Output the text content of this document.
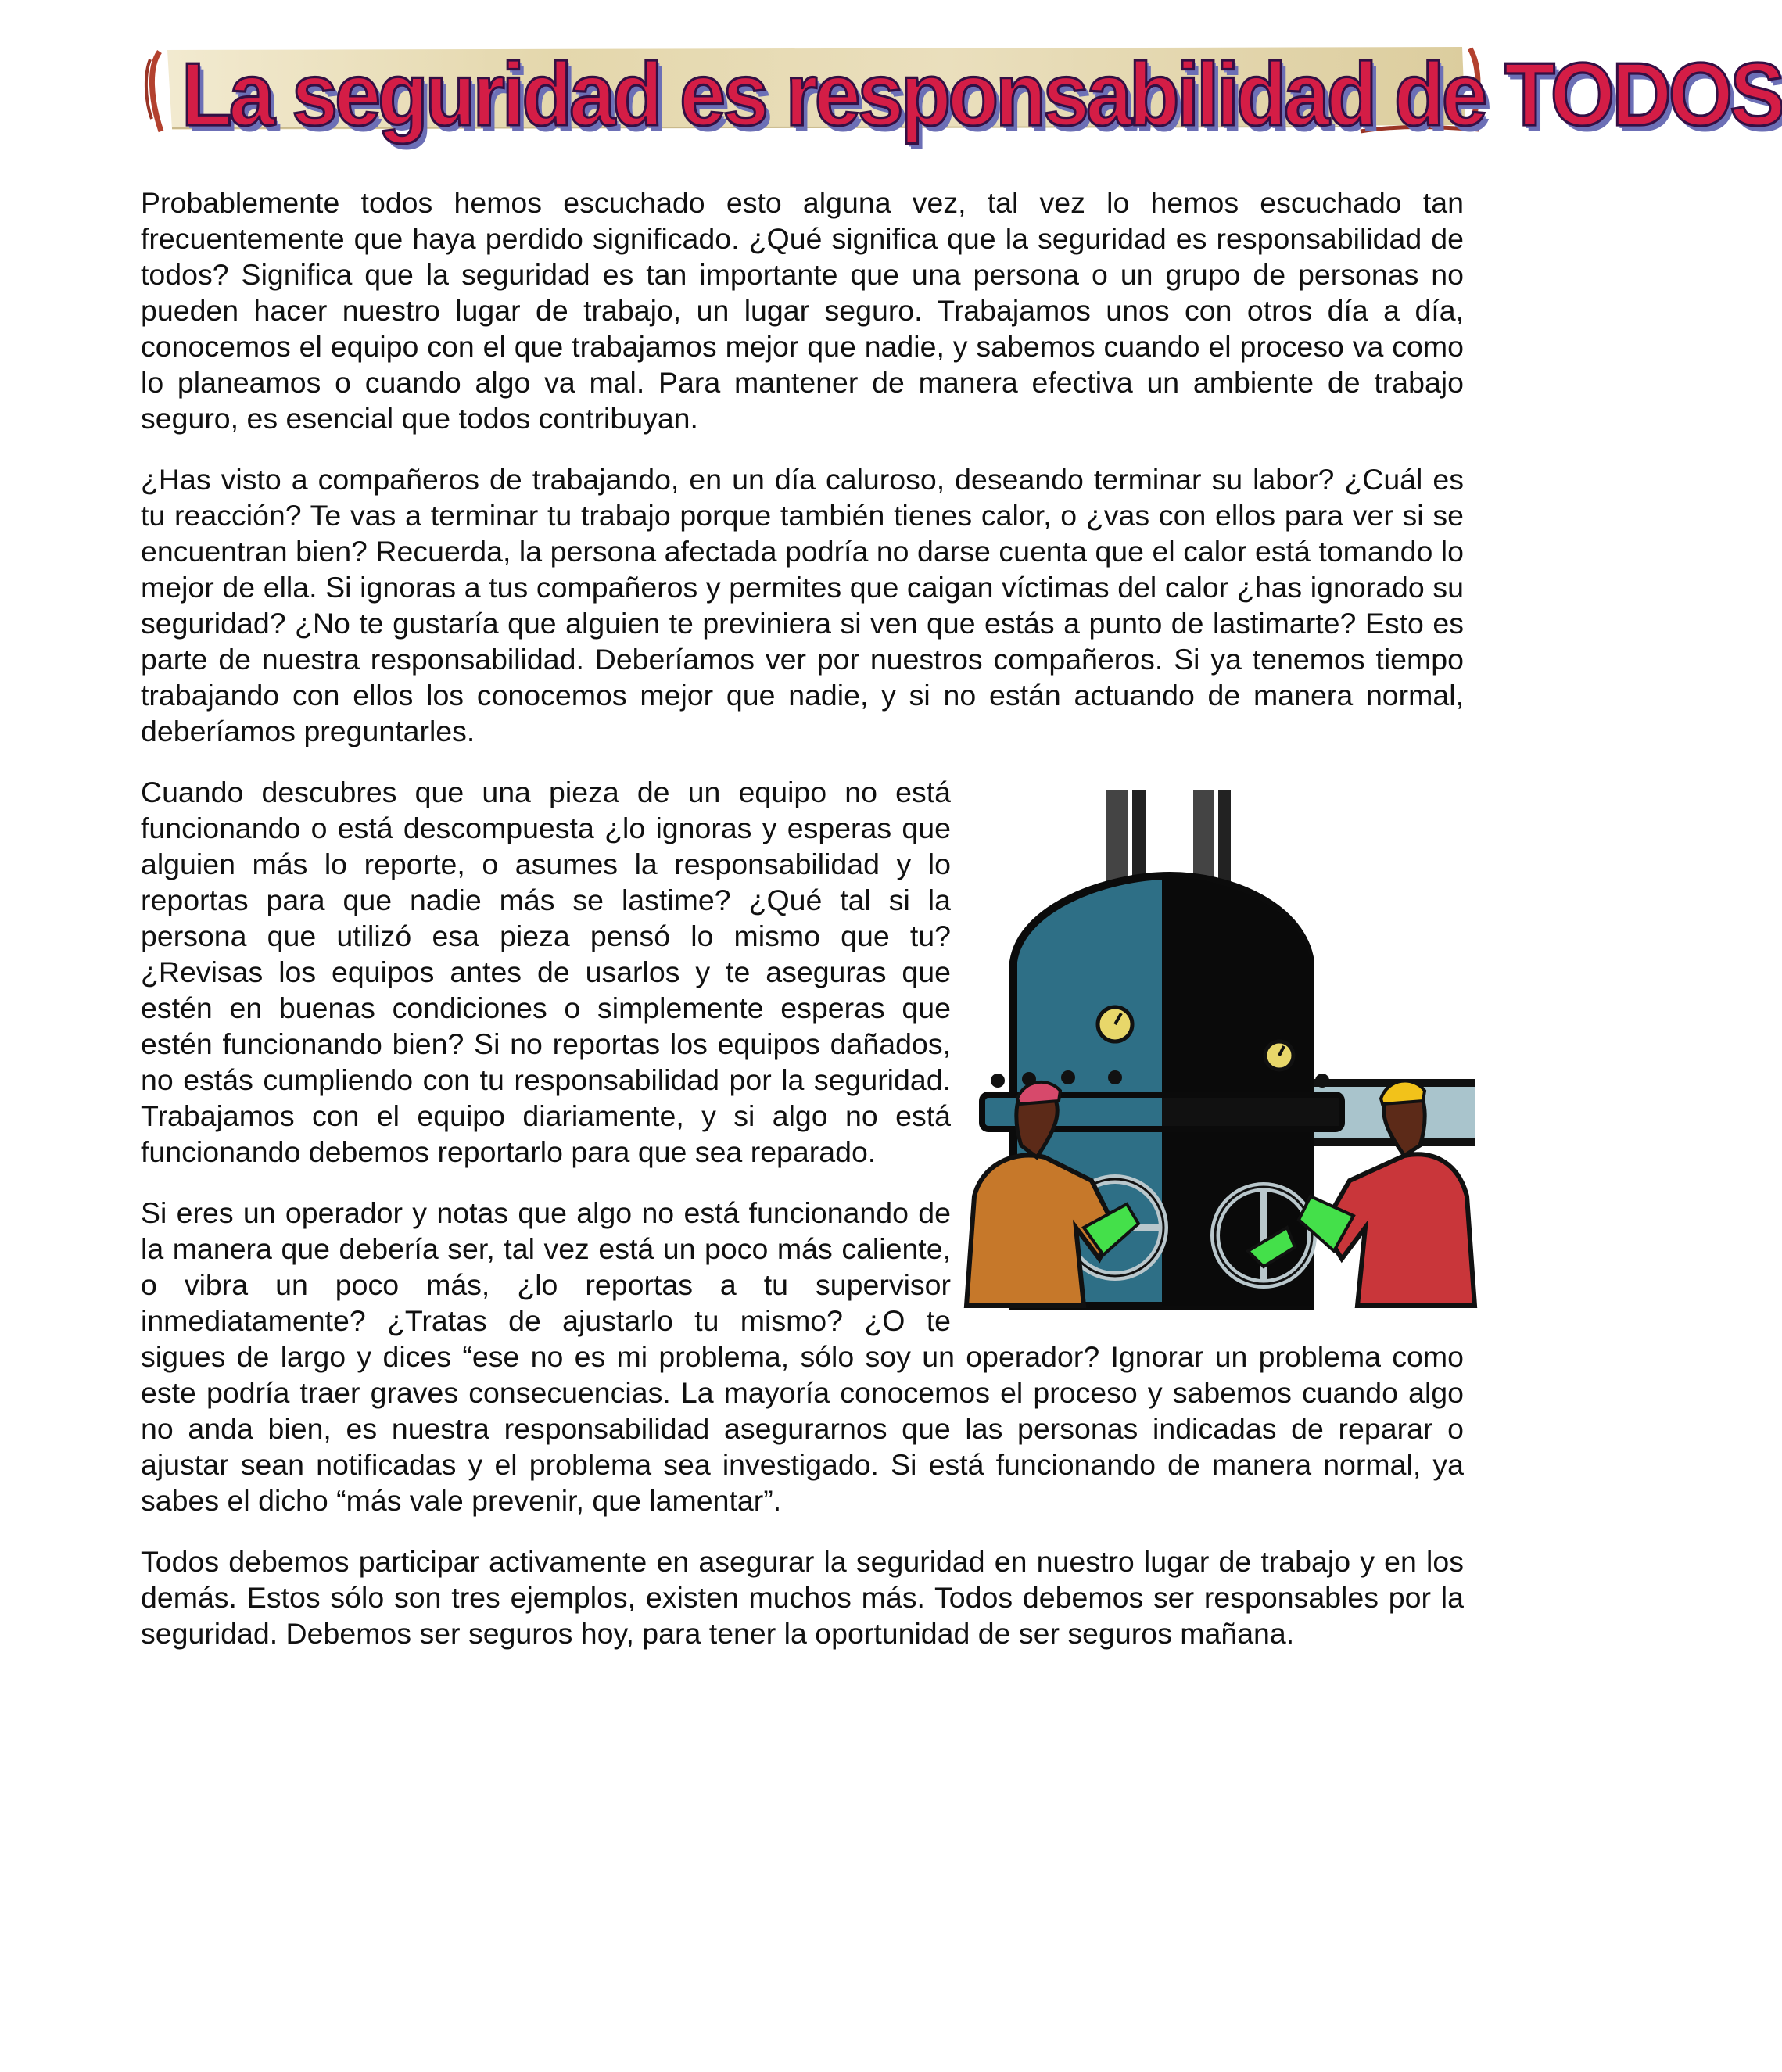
La seguridad es responsabilidad de TODOS

Probablemente todos hemos escuchado esto alguna vez, tal vez lo hemos escuchado tan frecuentemente que haya perdido significado. ¿Qué significa que la seguridad es responsabilidad de todos? Significa que la seguridad es tan importante que una persona o un grupo de personas no pueden hacer nuestro lugar de trabajo, un lugar seguro. Trabajamos unos con otros día a día, conocemos el equipo con el que trabajamos mejor que nadie, y sabemos cuando el proceso va como lo planeamos o cuando algo va mal. Para mantener de manera efectiva un ambiente de trabajo seguro, es esencial que todos contribuyan.

¿Has visto a compañeros de trabajando, en un día caluroso, deseando terminar su labor? ¿Cuál es tu reacción? Te vas a terminar tu trabajo porque también tienes calor, o ¿vas con ellos para ver si se encuentran bien? Recuerda, la persona afectada podría no darse cuenta que el calor está tomando lo mejor de ella. Si ignoras a tus compañeros y permites que caigan víctimas del calor ¿has ignorado su seguridad? ¿No te gustaría que alguien te previniera si ven que estás a punto de lastimarte? Esto es parte de nuestra responsabilidad. Deberíamos ver por nuestros compañeros. Si ya tenemos tiempo trabajando con ellos los conocemos mejor que nadie, y si no están actuando de manera normal, deberíamos preguntarles.

Cuando descubres que una pieza de un equipo no está funcionando o está descompuesta ¿lo ignoras y esperas que alguien más lo reporte, o asumes la responsabilidad y lo reportas para que nadie más se lastime? ¿Qué tal si la persona que utilizó esa pieza pensó lo mismo que tu? ¿Revisas los equipos antes de usarlos y te aseguras que estén en buenas condiciones o simplemente esperas que estén funcionando bien? Si no reportas los equipos dañados, no estás cumpliendo con tu responsabilidad por la seguridad. Trabajamos con el equipo diariamente, y si algo no está funcionando debemos reportarlo para que sea reparado.

Si eres un operador y notas que algo no está funcionando de la manera que debería ser, tal vez está un poco más caliente, o vibra un poco más, ¿lo reportas a tu supervisor inmediatamente? ¿Tratas de ajustarlo tu mismo? ¿O te sigues de largo y dices “ese no es mi problema, sólo soy un operador? Ignorar un problema como este podría traer graves consecuencias. La mayoría conocemos el proceso y sabemos cuando algo no anda bien, es nuestra responsabilidad asegurarnos que las personas indicadas de reparar o ajustar sean notificadas y el problema sea investigado. Si está funcionando de manera normal, ya sabes el dicho “más vale prevenir, que lamentar”.

Todos debemos participar activamente en asegurar la seguridad en nuestro lugar de trabajo y en los demás. Estos sólo son tres ejemplos, existen muchos más. Todos debemos ser responsables por la seguridad. Debemos ser seguros hoy, para tener la oportunidad de ser seguros mañana.
